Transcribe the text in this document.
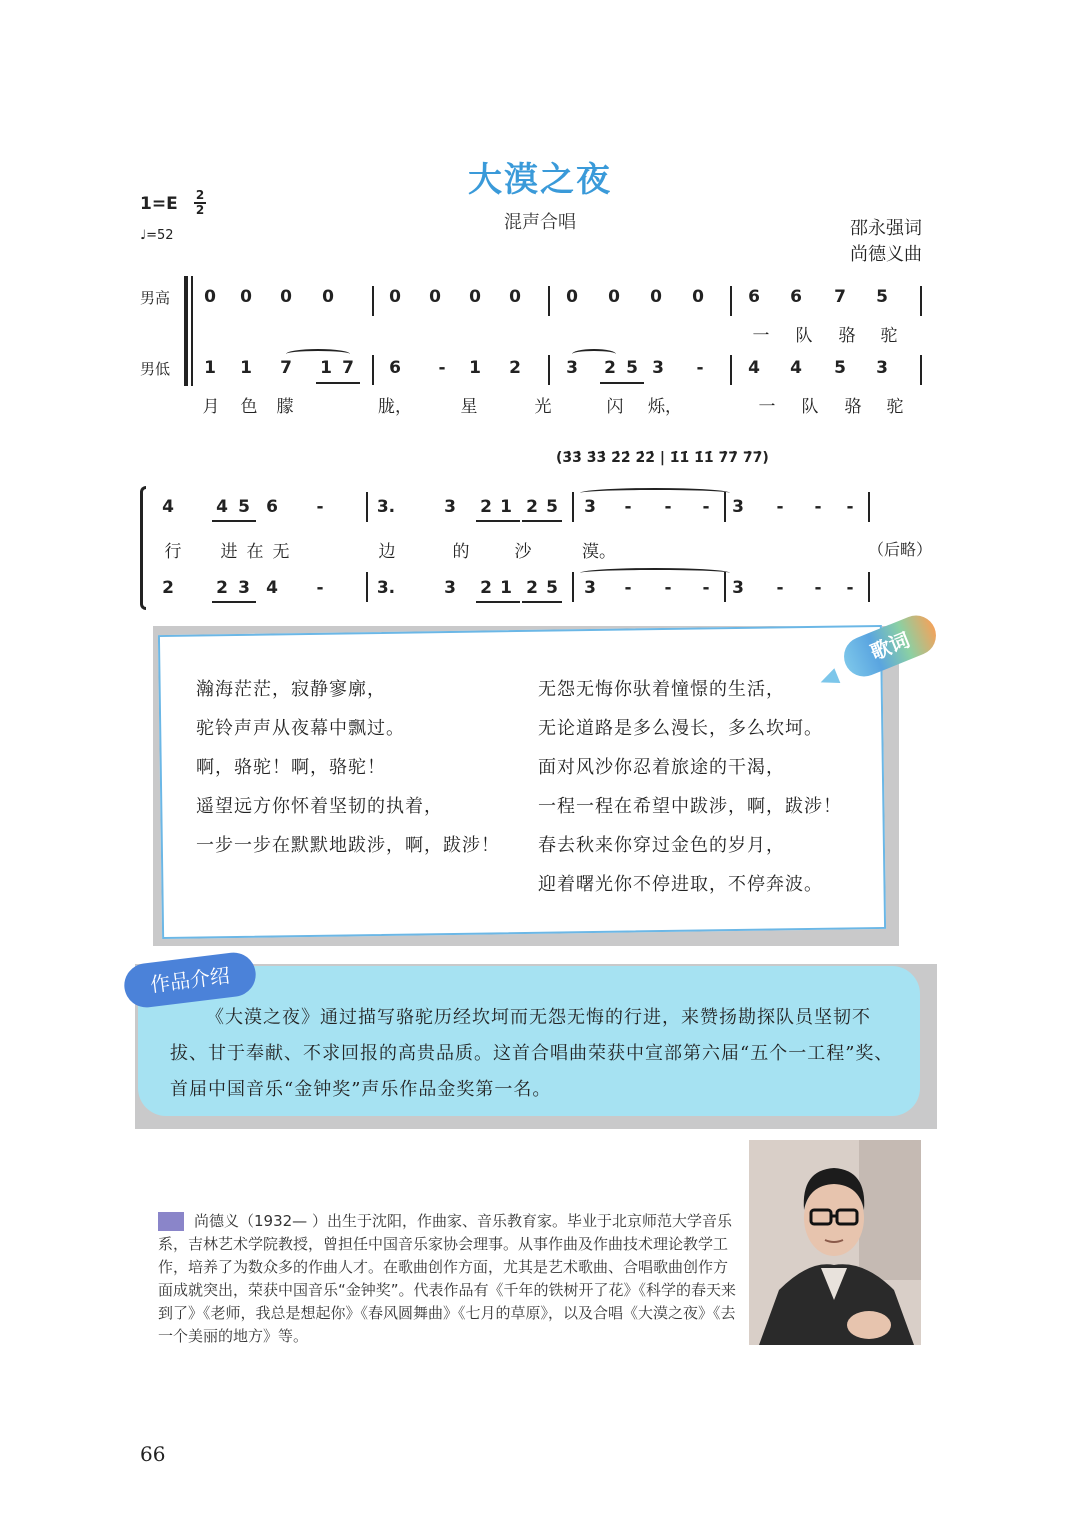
大漠之夜
混声合唱
1=E 2
2
♩=52	邵永强词
尚德义曲
男高
男低
0 0 0 0	0 0 0 0	0 0 0 0	6 6 7 5
一	队	骆	驼
1 1 7 1 7 6	-	1 2	3 2 5 3	-	4 4 5 3
月	色	朦	胧，	星	光	闪	烁，	一	队	骆	驼
(3̇3̇ 3̇3̇ 2̇2̇ 2̇2̇ | 1̇1̇ 1̇1̇ 7̇7̇ 7̇7̇)
4 4 5 6	-	3.	3 2 1 2 5 3	-	-	-	3	-	-	-
2 2 3 4	-	3.	3 2 1 2 5 3	-	-	-	3	-	-	-
行	进 在 无	边	的	沙	漠。	（后略）
歌词
瀚海茫茫，寂静寥廓，
驼铃声声从夜幕中飘过。
啊，骆驼！啊，骆驼！
遥望远方你怀着坚韧的执着，
一步一步在默默地跋涉，啊，跋涉！
无怨无悔你驮着憧憬的生活，
无论道路是多么漫长，多么坎坷。
面对风沙你忍着旅途的干渴，
一程一程在希望中跋涉，啊，跋涉！
春去秋来你穿过金色的岁月，
迎着曙光你不停进取，不停奔波。
作品介绍
《大漠之夜》通过描写骆驼历经坎坷而无怨无悔的行进，来赞扬勘探队员坚韧不拔、甘于奉献、不求回报的高贵品质。这首合唱曲荣获中宣部第六届“五个一工程”奖、首届中国音乐“金钟奖”声乐作品金奖第一名。
尚德义（1932— ）出生于沈阳，作曲家、音乐教育家。毕业于北京师范大学音乐系，吉林艺术学院教授，曾担任中国音乐家协会理事。从事作曲及作曲技术理论教学工作，培养了为数众多的作曲人才。在歌曲创作方面，尤其是艺术歌曲、合唱歌曲创作方面成就突出，荣获中国音乐“金钟奖”。代表作品有《千年的铁树开了花》《科学的春天来到了》《老师，我总是想起你》《春风圆舞曲》《七月的草原》，以及合唱《大漠之夜》《去一个美丽的地方》等。
66
